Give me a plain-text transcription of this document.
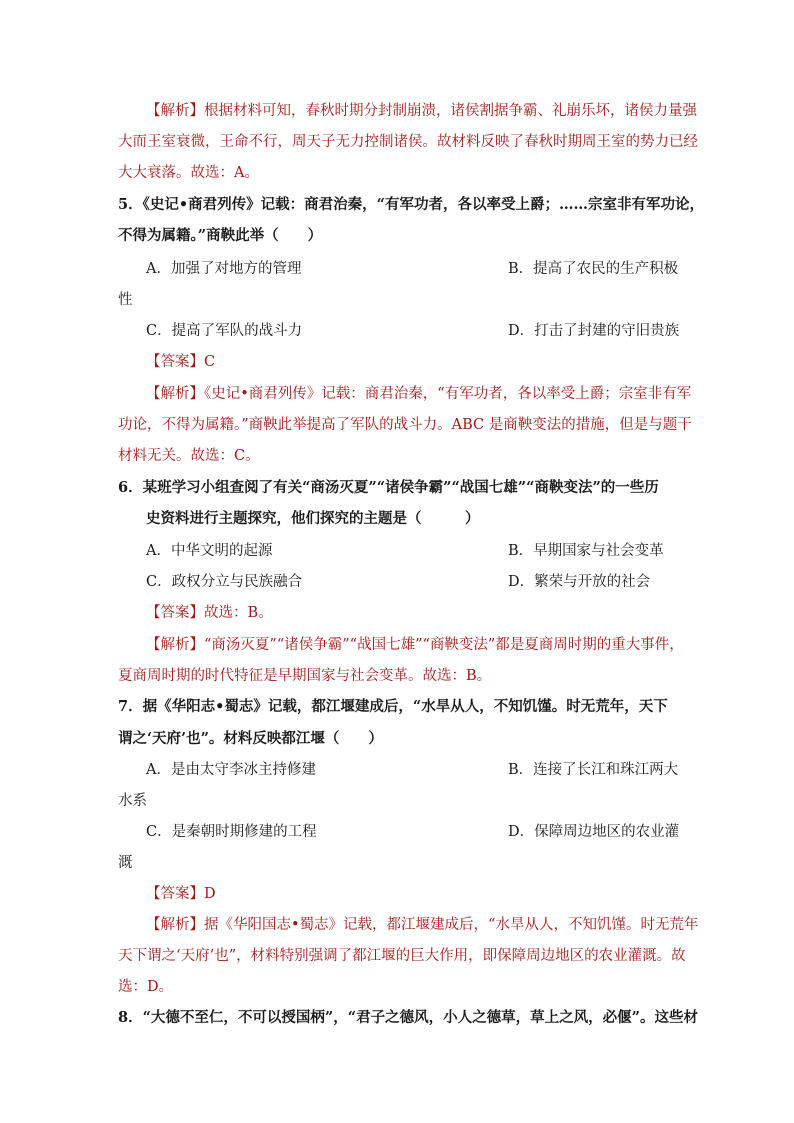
【解析】根据材料可知，春秋时期分封制崩溃，诸侯割据争霸、礼崩乐坏，诸侯力量强
大而王室衰微，王命不行，周天子无力控制诸侯。故材料反映了春秋时期周王室的势力已经
大大衰落。故选：A。
5．《史记•商君列传》记载：商君治秦，“有军功者，各以率受上爵；……宗室非有军功论，
不得为属籍。”商鞅此举（　　）
A．加强了对地方的管理	B．提高了农民的生产积极
性
C．提高了军队的战斗力	D．打击了封建的守旧贵族
【答案】C
【解析】《史记•商君列传》记载：商君治秦，“有军功者，各以率受上爵；宗室非有军
功论，不得为属籍。”商鞅此举提高了军队的战斗力。ABC 是商鞅变法的措施，但是与题干
材料无关。故选：C。
6．某班学习小组查阅了有关“商汤灭夏”“诸侯争霸”“战国七雄”“商鞅变法”的一些历
史资料进行主题探究，他们探究的主题是（　　　）
A．中华文明的起源	B．早期国家与社会变革
C．政权分立与民族融合	D．繁荣与开放的社会
【答案】故选：B。
【解析】“商汤灭夏”“诸侯争霸”“战国七雄”“商鞅变法”都是夏商周时期的重大事件，
夏商周时期的时代特征是早期国家与社会变革。故选：B。
7．据《华阳志•蜀志》记载，都江堰建成后，“水旱从人，不知饥馑。时无荒年，天下
谓之‘天府’也”。材料反映都江堰（　　）
A．是由太守李冰主持修建	B．连接了长江和珠江两大
水系
C．是秦朝时期修建的工程	D．保障周边地区的农业灌
溉
【答案】D
【解析】据《华阳国志•蜀志》记载，都江堰建成后，“水旱从人，不知饥馑。时无荒年
天下谓之‘天府’也”，材料特别强调了都江堰的巨大作用，即保障周边地区的农业灌溉。故
选：D。
8．“大德不至仁，不可以授国柄”，“君子之德风，小人之德草，草上之风，必偃”。这些材
